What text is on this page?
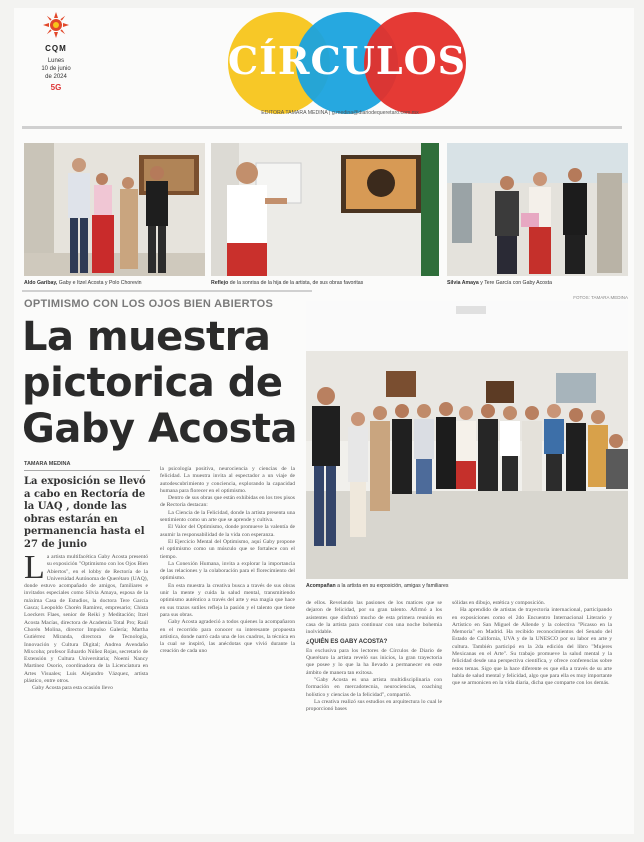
CQM
Lunes
10 de junio
de 2024
5G
CÍRCULOS
EDITORA TAMARA MEDINA | g.medina@diariodequeretaro.com.mx
Aldo Garibay, Gaby e Itzel Acosta y Polo Chorevin	Reflejo de la sonrisa de la hija de la artista, de sus obras favoritas	Silvia Amaya y Tere García con Gaby Acosta
OPTIMISMO CON LOS OJOS BIEN ABIERTOS
La muestra pictorica de Gaby Acosta
TAMARA MEDINA
La exposición se llevó a cabo en Rectoría de la UAQ , donde las obras estarán en permanencia hasta el 27 de junio
FOTOS: TAMARA MEDINA
Acompañan a la artista en su exposición, amigas y familiares
L a artista multifacética Gaby Acosta presentó su exposición "Optimismo con los Ojos Bien Abiertos", en el lobby de Rectoría de la Universidad Autónoma de Querétaro (UAQ), donde estuvo acompañado de amigos, familiares e invitados especiales como Silvia Amaya, esposa de la máxima Casa de Estudios, la doctora Tere García Gasca; Leopoldo Chorén Ramírez, empresario; Chista Loeckers Flaes, senior de Reiki y Meditación; Itzel Acosta Macías, directora de Academia Total Pro; Raúl Chorén Molina, director Impulso Galería; Martha Gutiérrez Miranda, directora de Tecnología, Innovación y Cultura Digital; Andrea Avendaño Mixcoba; profesor Eduardo Núñez Rojas, secretario de Extensión y Cultura Universitaria; Noemí Nancy Martínez Osorio, coordinadora de la Licenciatura en Artes Visuales; Luis Alejandro Vázquez, artista plástico, entre otros.

Gaby Acosta para esta ocasión llevo

la psicología positiva, neurociencia y ciencias de la felicidad. La muestra invita al espectador a un viaje de autodescubrimiento y conciencia, explorando la capacidad humana para florecer en el optimismo.

Dentro de sus obras que están exhibidas en los tres pisos de Rectoría destacan:

La Ciencia de la Felicidad, donde la artista presenta una sentimiento como un arte que se aprende y cultiva.

El Valor del Optimismo, donde promueve la valentía de asumir la responsabilidad de la vida con esperanza.

El Ejercicio Mental del Optimismo, aquí Gaby propone el optimismo como un músculo que se fortalece con el tiempo.

La Conexión Humana, invita a explorar la importancia de las relaciones y la colaboración para el florecimiento del optimismo.

En esta muestra la creativa busca a través de sus obras unir la mente y cuida la salud mental, transmitiendo optimismo auténtico a través del arte y esa magia que hace en sus trazos sutiles refleja la pasión y el talento que tiene para sus obras.

Gaby Acosta agradeció a todos quienes la acompañaron en el recorrido para conocer su interesante propuesta artística, donde narró cada una de los cuadros, la técnica en la cual se inspiró, las anécdotas que vivió durante la creación de cada uno

de ellos. Revelando las pasiones de los matices que se dejaron de felicidad, por su gran talento. Afirmó a los asistentes que disfrutó mucho de esta primera reunión en casa de la artista para continuar con una noche bohemia inolvidable.

¿QUIÉN ES GABY ACOSTA?

En exclusiva para los lectores de Círculos de Diario de Querétaro la artista reveló sus inicios, la gran trayectoria que posee y lo que la ha llevado a permanecer en este ámbito de manera tan exitosa.

"Gaby Acosta es una artista multidisciplinaria con formación en mercadotecnia, neurociencias, coaching holístico y ciencias de la felicidad", compartió.

La creativa realizó sus estudios en arquitectura lo cual le proporcionó bases

sólidas en dibujo, estética y composición.

Ha aprendido de artistas de trayectoria internacional, participando en exposiciones como el 2do Encuentro Internacional Literario y Artístico en San Miguel de Allende y la colectiva "Picasso en la Memoria" en Madrid. Ha recibido reconocimientos del Senado del Estado de California, UVA y de la UNESCO por su labor en arte y cultura. También participó en la 2da edición del libro "Mujeres Mexicanas en el Arte". Su trabajo promueve la salud mental y la felicidad desde una perspectiva científica, y ofrece conferencias sobre estos temas. Sigo que la hace diferente es que ella a través de su arte habla de salud mental y felicidad, algo que para ella es muy importante que se armonicen en la vida diaria, dicha que comparte con los demás.
